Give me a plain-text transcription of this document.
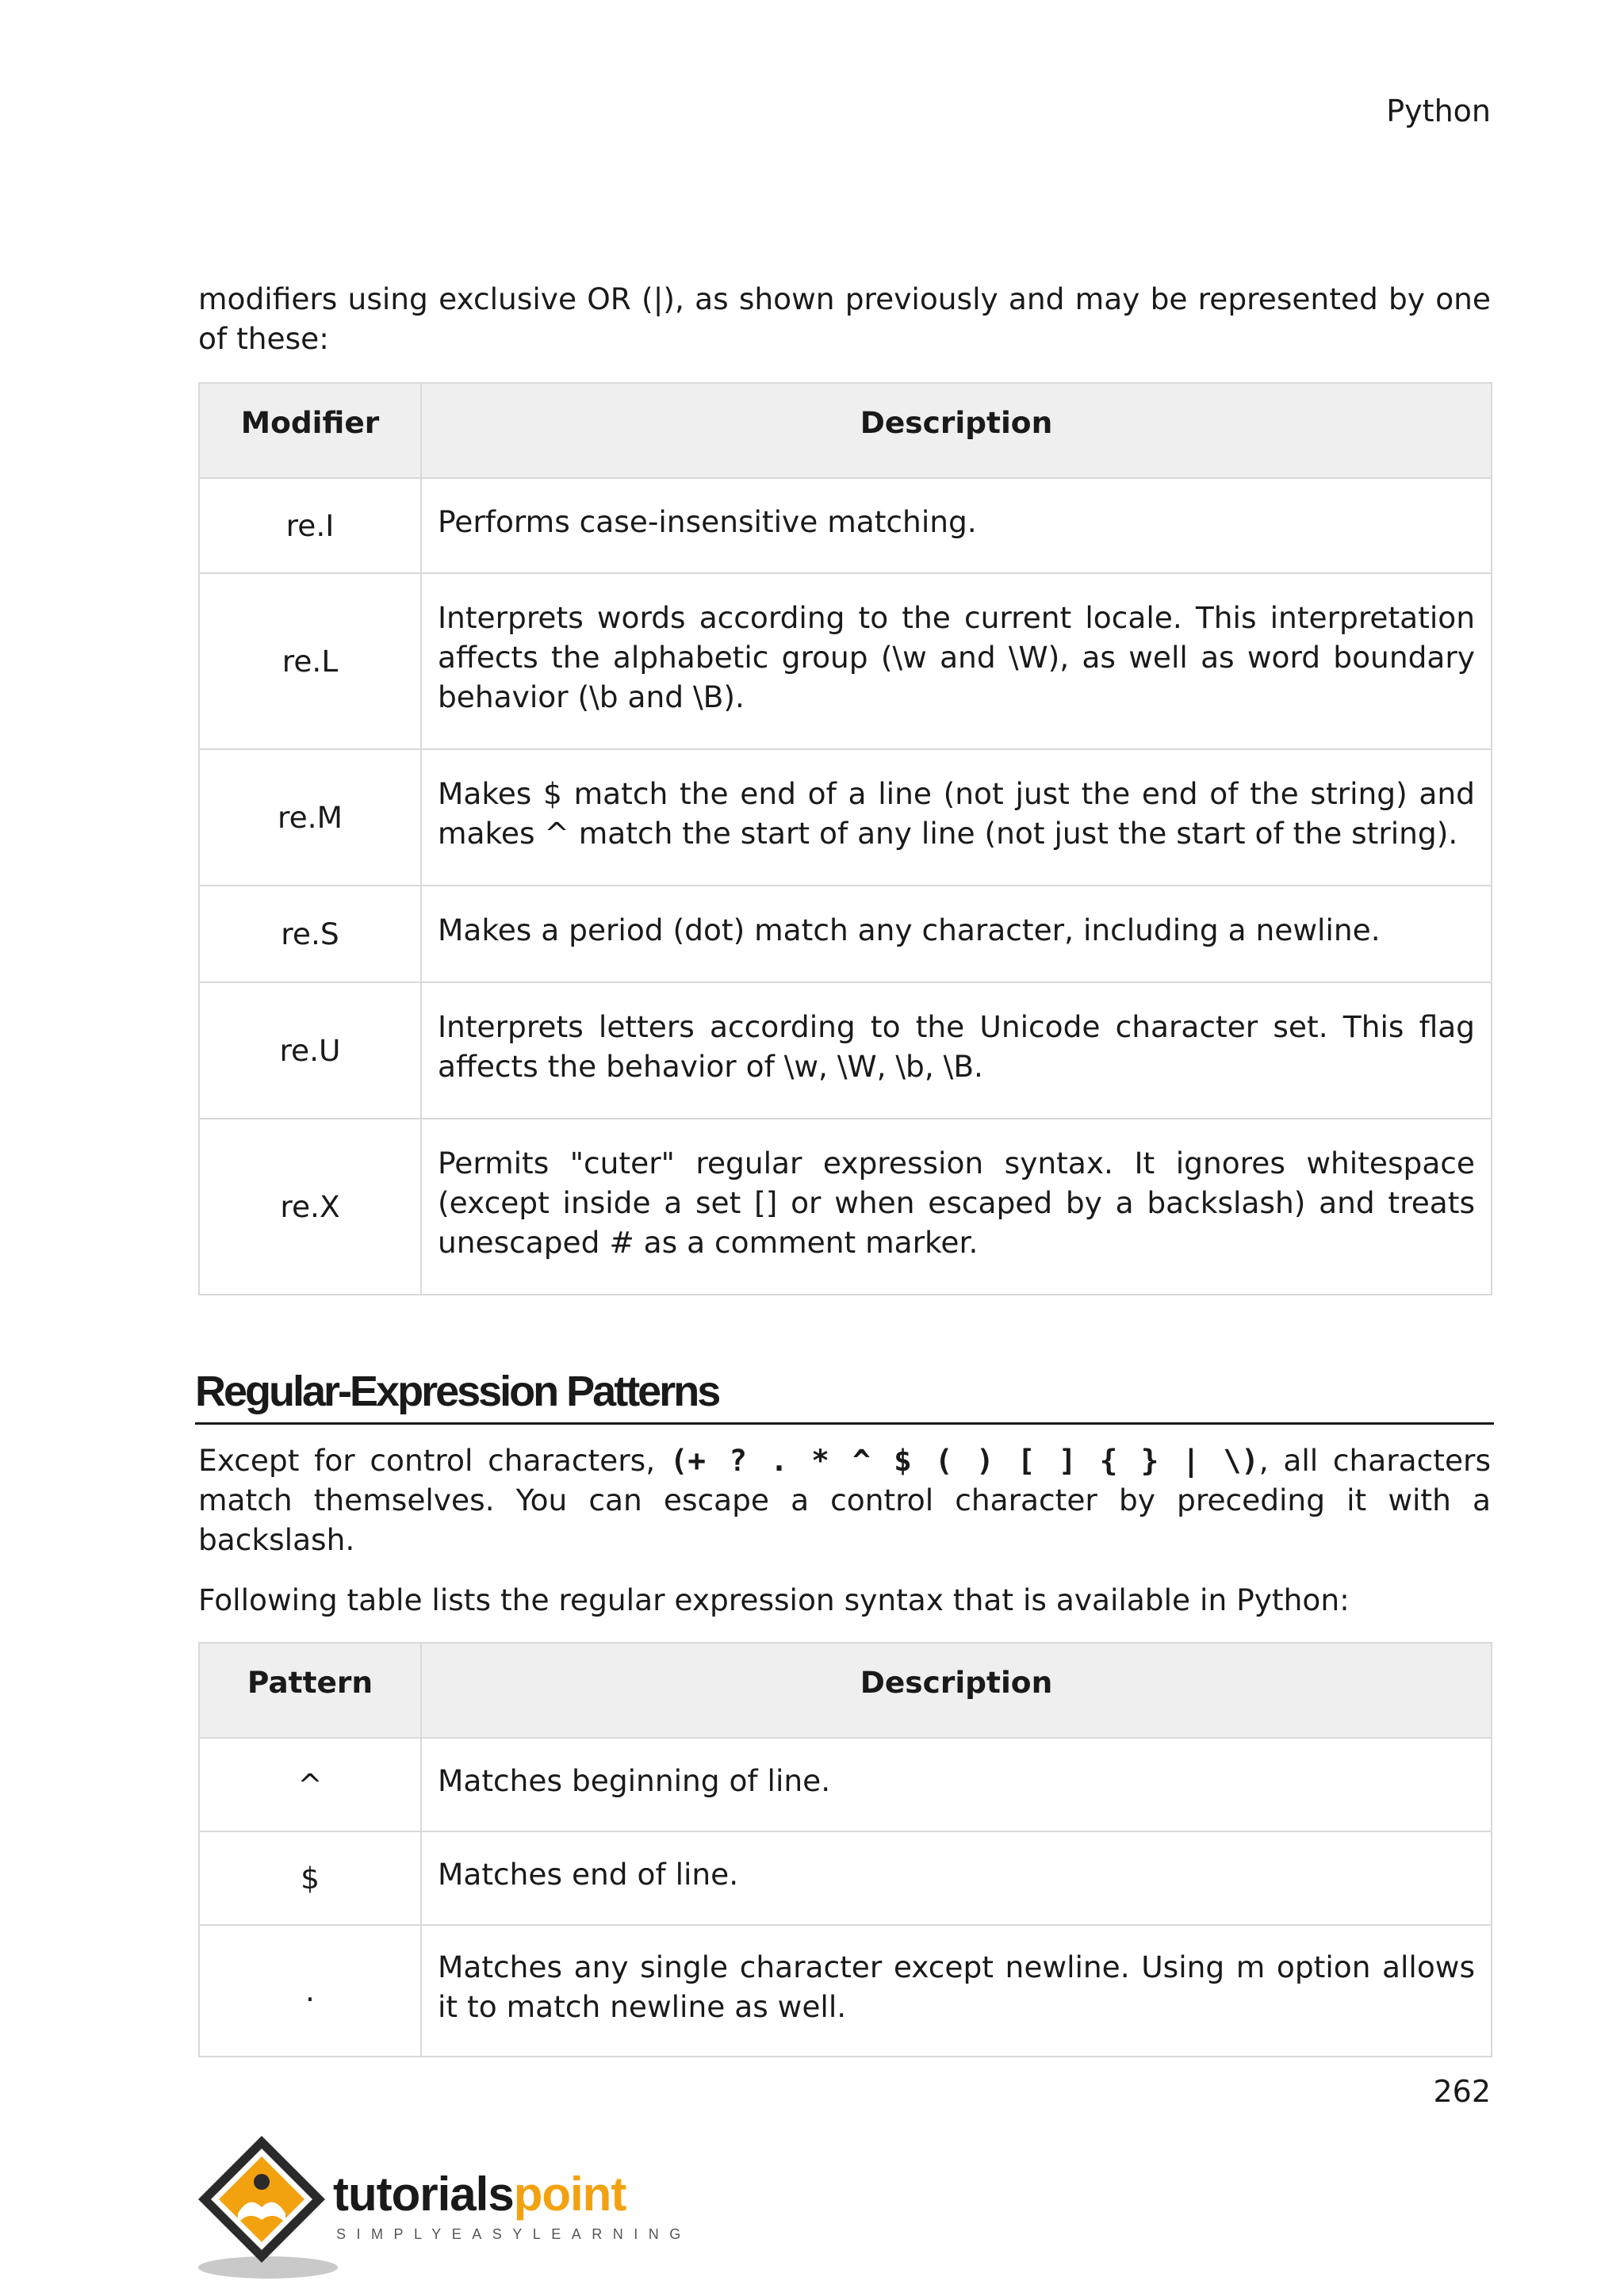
Python

modifiers using exclusive OR (|), as shown previously and may be represented by one of these:

Modifier	Description
re.I	Performs case-insensitive matching.
re.L	Interprets words according to the current locale. This interpretation affects the alphabetic group (\w and \W), as well as word boundary behavior (\b and \B).
re.M	Makes $ match the end of a line (not just the end of the string) and makes ^ match the start of any line (not just the start of the string).
re.S	Makes a period (dot) match any character, including a newline.
re.U	Interprets letters according to the Unicode character set. This flag affects the behavior of \w, \W, \b, \B.
re.X	Permits "cuter" regular expression syntax. It ignores whitespace (except inside a set [] or when escaped by a backslash) and treats unescaped # as a comment marker.
Regular-Expression Patterns

Except for control characters, (+ ? . * ^ $ ( ) [ ] { } | \), all characters match themselves. You can escape a control character by preceding it with a backslash.

Following table lists the regular expression syntax that is available in Python:

Pattern	Description
^	Matches beginning of line.
$	Matches end of line.
.	Matches any single character except newline. Using m option allows it to match newline as well.
262
tutorialspoint
SIMPLYEASYLEARNING
